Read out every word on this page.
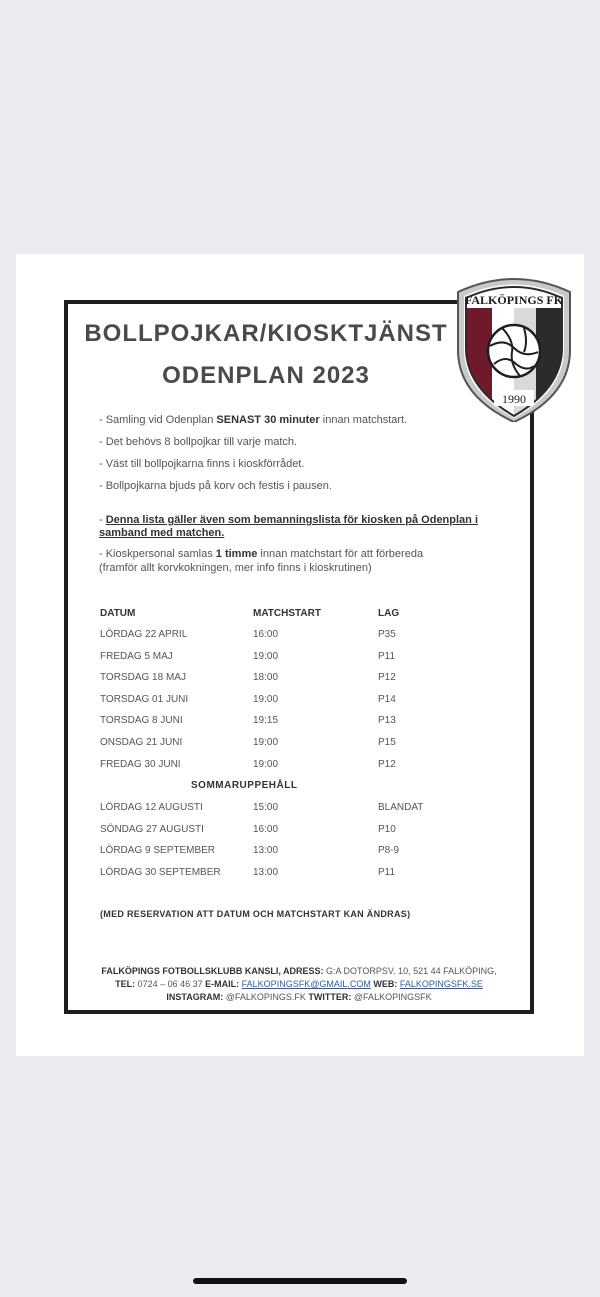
FALKÖPINGS FK
1990
BOLLPOJKAR/KIOSKTJÄNST
ODENPLAN 2023
- Samling vid Odenplan SENAST 30 minuter innan matchstart.
- Det behövs 8 bollpojkar till varje match.
- Väst till bollpojkarna finns i kioskförrådet.
- Bollpojkarna bjuds på korv och festis i pausen.
- Denna lista gäller även som bemanningslista för kiosken på Odenplan i samband med matchen.
- Kioskpersonal samlas 1 timme innan matchstart för att förbereda
(framför allt korvkokningen, mer info finns i kioskrutinen)
DATUM	MATCHSTART	LAG
LÖRDAG 22 APRIL	16:00	P35
FREDAG 5 MAJ	19:00	P11
TORSDAG 18 MAJ	18:00	P12
TORSDAG 01 JUNI	19:00	P14
TORSDAG 8 JUNI	19:15	P13
ONSDAG 21 JUNI	19:00	P15
FREDAG 30 JUNI	19:00	P12
SOMMARUPPEHÅLL
LÖRDAG 12 AUGUSTI	15:00	BLANDAT
SÖNDAG 27 AUGUSTI	16:00	P10
LÖRDAG 9 SEPTEMBER	13:00	P8-9
LÖRDAG 30 SEPTEMBER	13:00	P11
(MED RESERVATION ATT DATUM OCH MATCHSTART KAN ÄNDRAS)
FALKÖPINGS FOTBOLLSKLUBB KANSLI, ADRESS: G:A DOTORPSV. 10, 521 44 FALKÖPING,
TEL: 0724 – 06 46 37 E-MAIL: FALKOPINGSFK@GMAIL.COM WEB: FALKOPINGSFK.SE
INSTAGRAM: @FALKOPINGS.FK TWITTER: @FALKOPINGSFK
